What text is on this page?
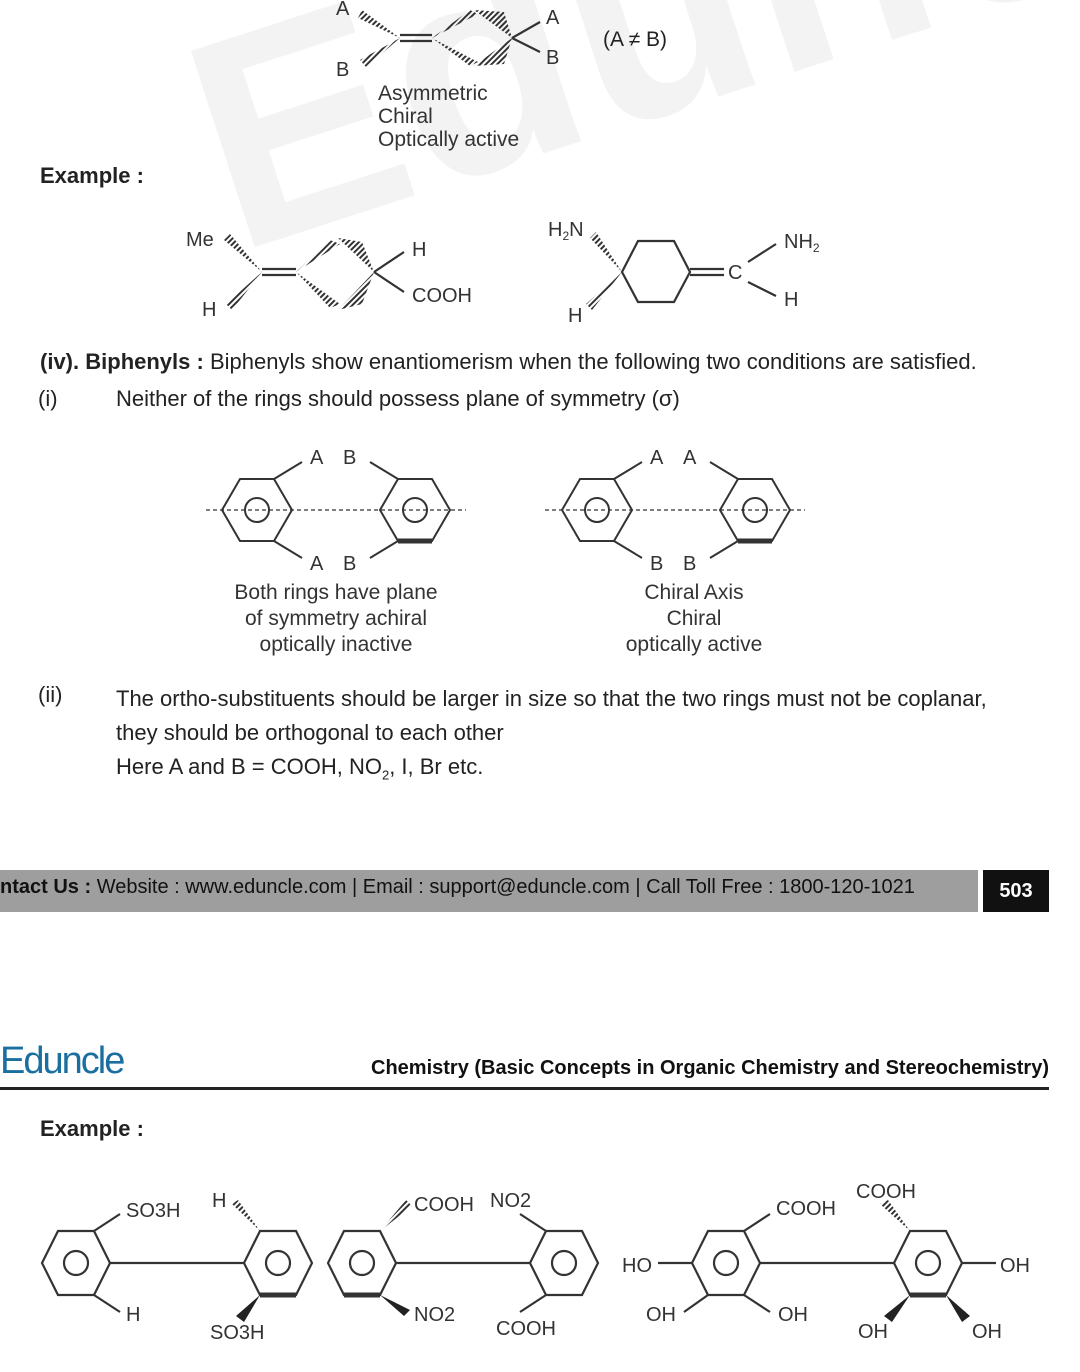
Asymmetric
Chiral
Optically active
(A ≠ B)
Example :
(iv). Biphenyls : Biphenyls show enantiomerism when the following two conditions are satisfied.
(i)	Neither of the rings should possess plane of symmetry (σ)
Both rings have plane
of symmetry achiral
optically inactive
Chiral Axis
Chiral
optically active
(ii) The ortho-substituents should be larger in size so that the two rings must not be coplanar,
they should be orthogonal to each other
Here A and B = COOH, $NO_2$, I, Br etc.
ntact Us : Website : www.eduncle.com | Email : support@eduncle.com | Call Toll Free : 1800-120-1021	503
Eduncle	Chemistry (Basic Concepts in Organic Chemistry and Stereochemistry)
Example :
A
B
A
B
Me
H
H
COOH
$H_2N$
H
C
$NH_2$
H
A B
A B
A A
B B
SO3H H
H
SO3H
COOH NO2
NO2
COOH
HO
OH
COOH
COOH
OH
OH	OH
OH
